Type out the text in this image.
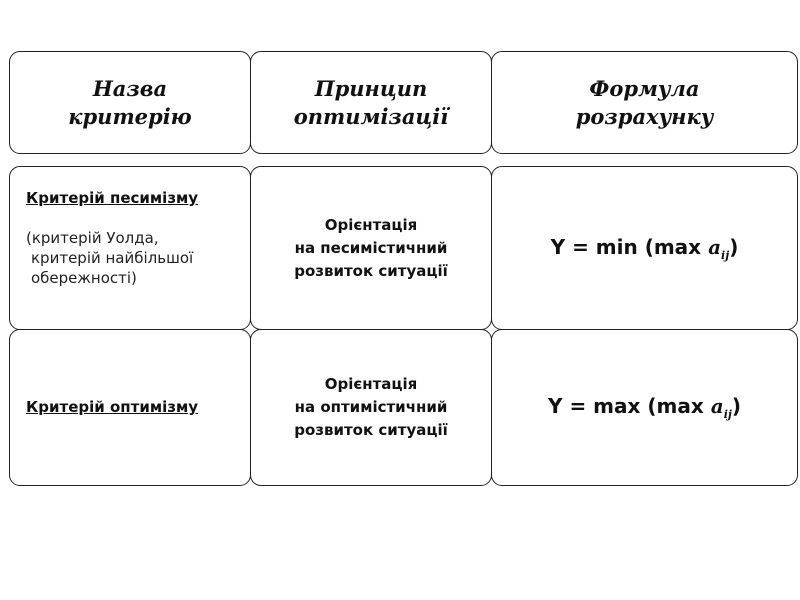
Назва
критерію
Принцип
оптимізації
Формула
розрахунку
Критерій песимізму
(критерій Уолда,
критерій найбільшої
обережності)
Орієнтація
на песимістичний
розвиток ситуації
Y = min (max $a_{ij}$)
Критерій оптимізму
Орієнтація
на оптимістичний
розвиток ситуації
Y = max (max $a_{ij}$)
